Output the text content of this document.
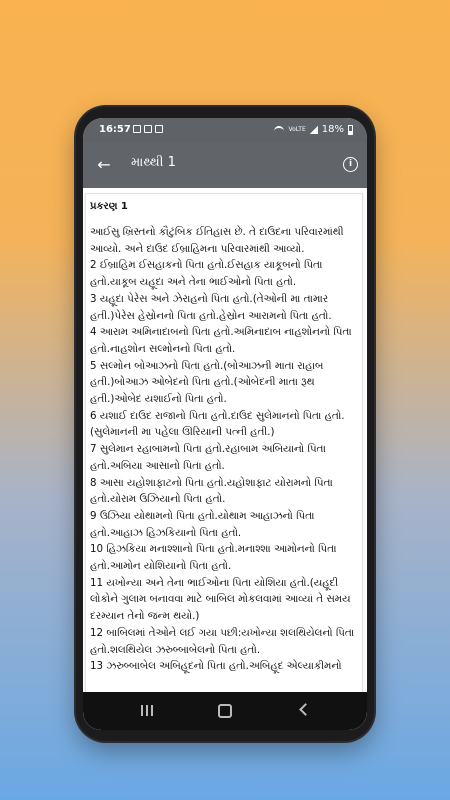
16:57	VoLTE 18%
←	માથ્થી 1	i
પ્રકરણ 1

આઈસુ ખ્રિસ્તનો કૌટુંબિક ઈતિહાસ છે. તે દાઉદના પરિવારમાંથી આવ્યો. અને દાઉદ ઈબ્રાહિમના પરિવારમાંથી આવ્યો.

2 ઈબ્રાહિમ ઈસહાકનો પિતા હતો.ઈસહાક યાકૂબનો પિતા હતો.યાકૂબ યહૂદા અને તેના ભાઈઓનો પિતા હતો.

3 યહૂદા પેરેસ અને ઝેરાહનો પિતા હતો.(તેઓની મા તામાર હતી.)પેરેસ હેસ્રોનનો પિતા હતો.હેસ્રોન આરામનો પિતા હતો.

4 આરામ અમિનાદાબનો પિતા હતો.અમિનાદાબ નાહશોનનો પિતા હતો.નાહશોન સલ્મોનનો પિતા હતો.

5 સલ્મોન બોઆઝનો પિતા હતો.(બોઆઝની માતા રાહાબ હતી.)બોઆઝ ઓબેદનો પિતા હતો.(ઓબેદની માતા રૂથ હતી.)ઓબેદ યશાઈનો પિતા હતો.

6 યશાઈ દાઉદ રાજાનો પિતા હતો.દાઉદ સુલેમાનનો પિતા હતો.(સુલેમાનની મા પહેલા ઊરિયાની પત્ની હતી.)

7 સુલેમાન રહાબામનો પિતા હતો.રહાબામ અબિયાનો પિતા હતો.અબિયા આસાનો પિતા હતો.

8 આસા યહોશાફાટનો પિતા હતો.યહોશાફાટ યોરામનો પિતા હતો.યોરામ ઉઝિયાનો પિતા હતો.

9 ઉઝિયા યોથામનો પિતા હતો.યોથામ આહાઝનો પિતા હતો.આહાઝ હિઝકિયાનો પિતા હતો.

10 હિઝકિયા મનાશ્શાનો પિતા હતો.મનાશ્શા આમોનનો પિતા હતો.આમોન યોશિયાનો પિતા હતો.

11 યખોન્યા અને તેના ભાઈઓના પિતા યોશિયા હતો.(યહૂદી લોકોને ગુલામ બનાવવા માટે બાબિલ મોકલવામાં આવ્યાં તે સમય દરમ્યાન તેનો જન્મ થયો.)

12 બાબિલમાં તેઓને લઈ ગયા પછી:યખોન્યા શલથિયેલનો પિતા હતો.શલથિયેલ ઝરુબ્બાબેલનો પિતા હતો.

13 ઝરુબ્બાબેલ અબિહૂદનો પિતા હતો.અબિહૂદ એલ્યાકીમનો
